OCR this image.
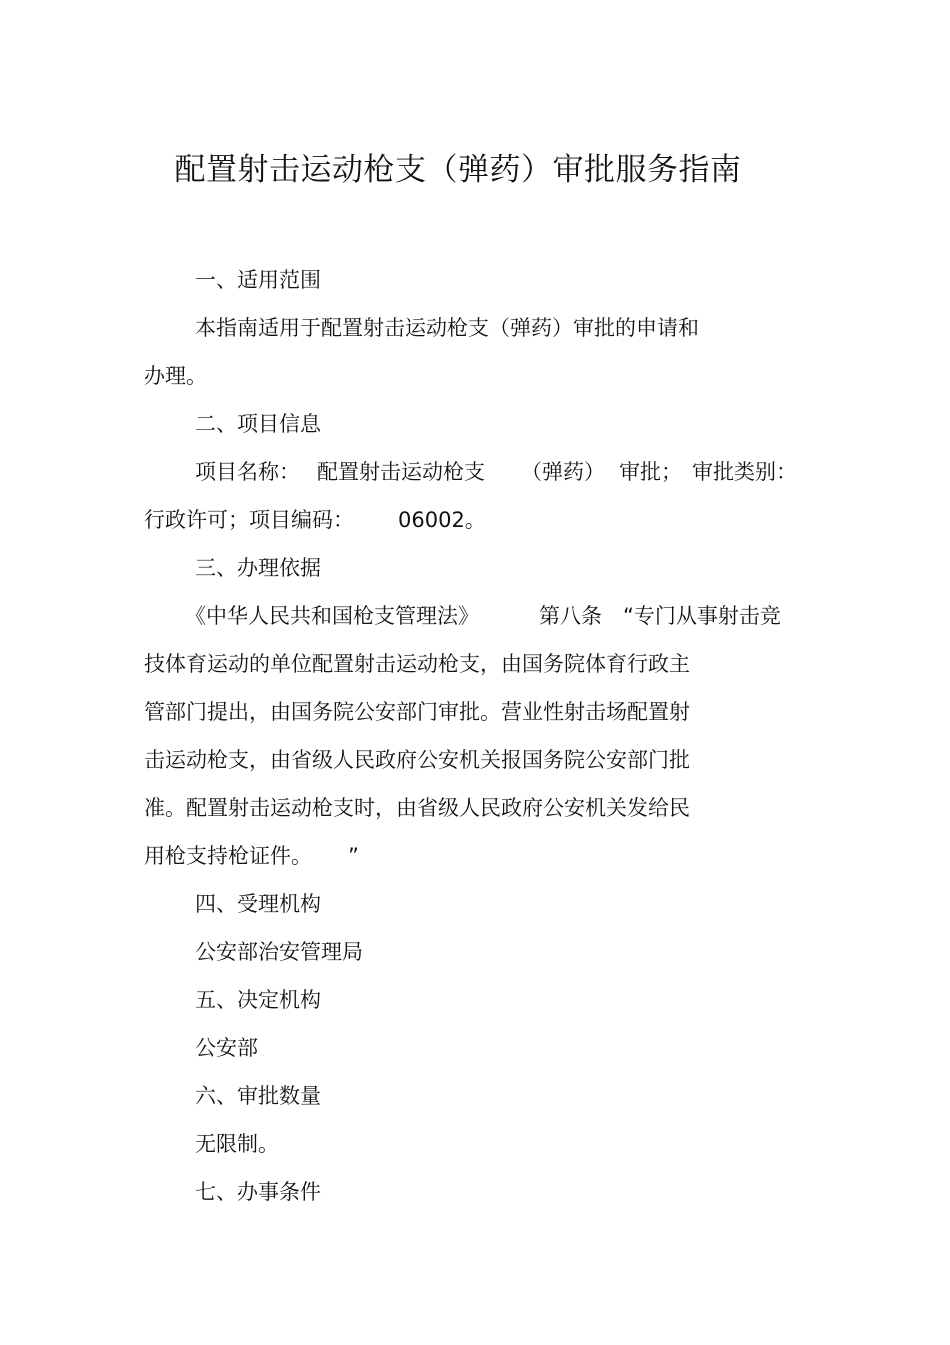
配置射击运动枪支（弹药）审批服务指南
一、适用范围
本指南适用于配置射击运动枪支（弹药）审批的申请和
办理。
二、项目信息
项目名称： 配置射击运动枪支 （弹药） 审批； 审批类别：
行政许可；项目编码： 06002。
三、办理依据
《中华人民共和国枪支管理法》	第八条 “专门从事射击竞
技体育运动的单位配置射击运动枪支，由国务院体育行政主
管部门提出，由国务院公安部门审批。营业性射击场配置射
击运动枪支，由省级人民政府公安机关报国务院公安部门批
准。配置射击运动枪支时，由省级人民政府公安机关发给民
用枪支持枪证件。 ”
四、受理机构
公安部治安管理局
五、决定机构
公安部
六、审批数量
无限制。
七、办事条件
